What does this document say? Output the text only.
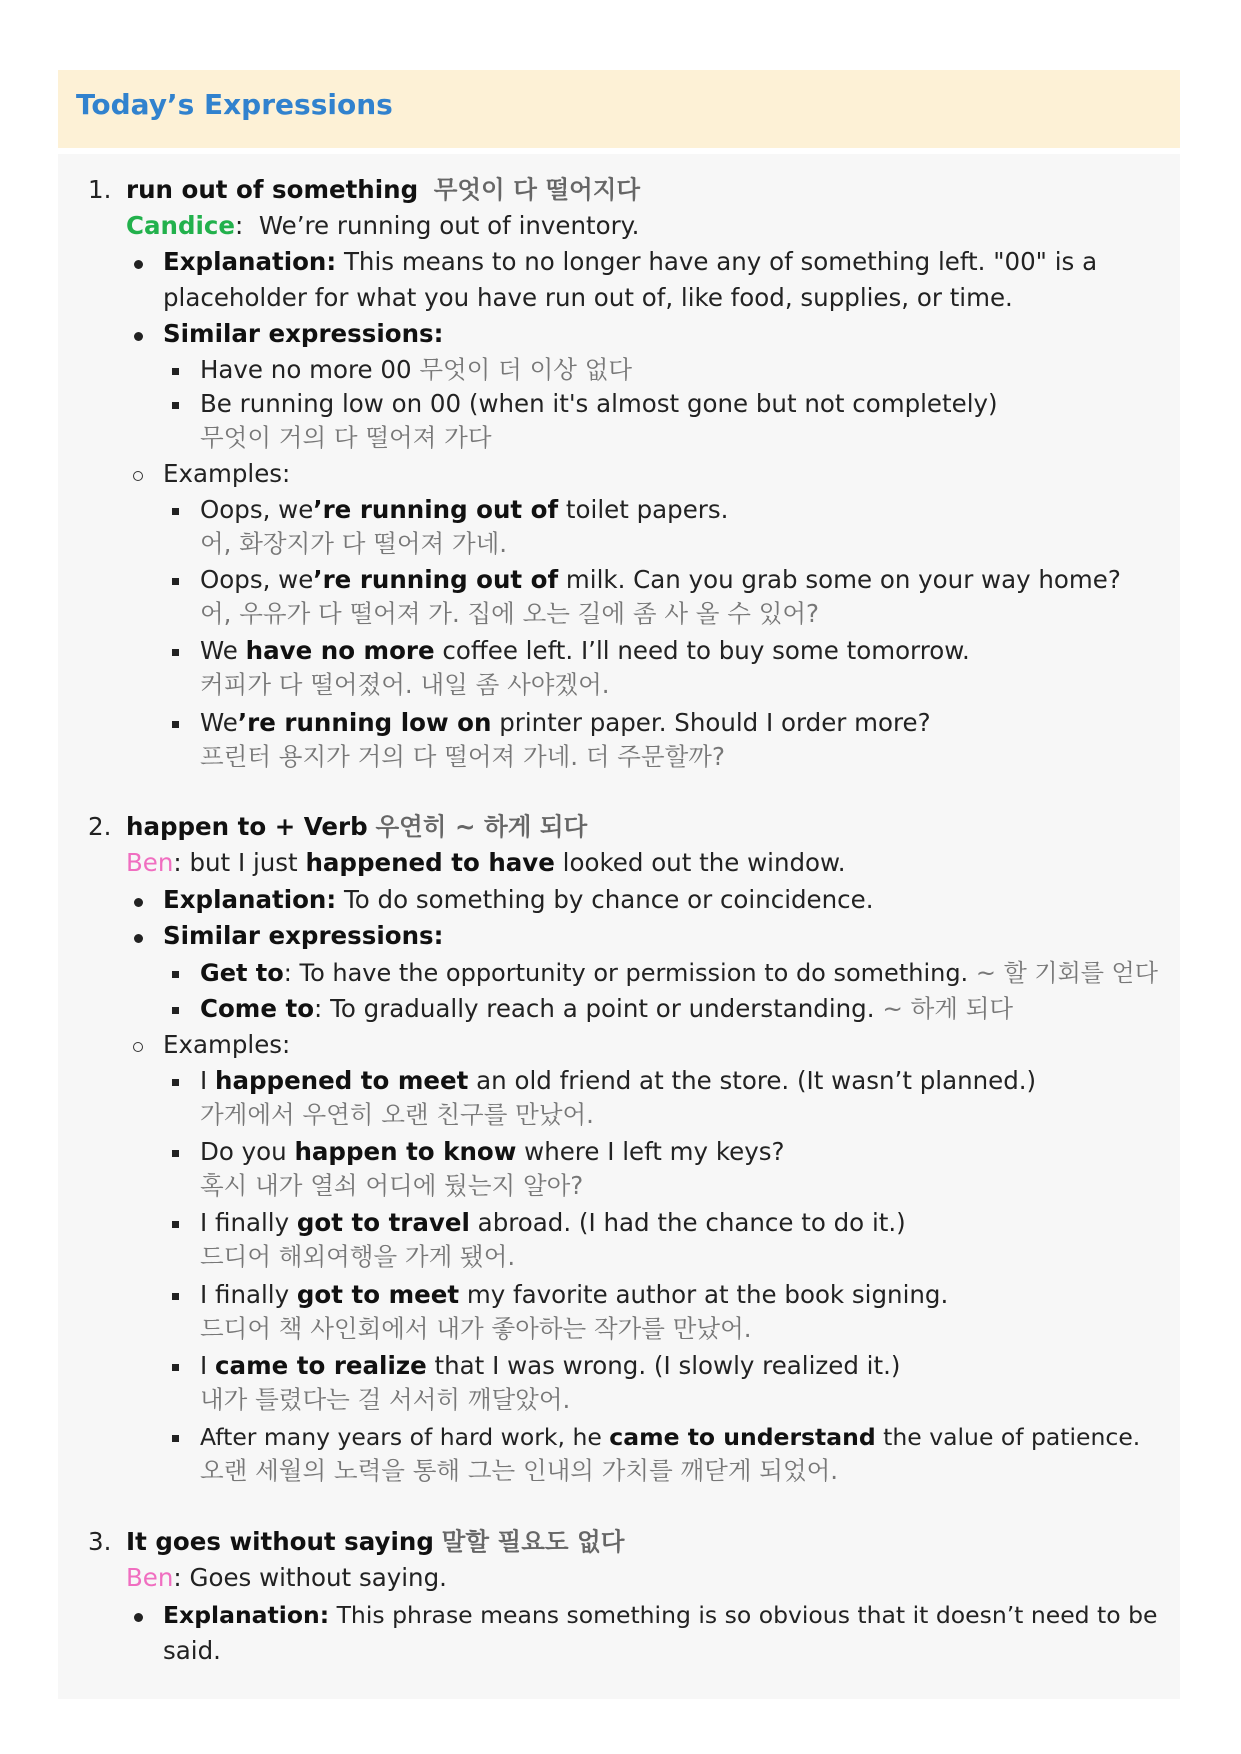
Today’s Expressions
1. run out of something 무엇이 다 떨어지다
Candice:  We’re running out of inventory.
Explanation: This means to no longer have any of something left. "00" is a
placeholder for what you have run out of, like food, supplies, or time.
Similar expressions:
Have no more 00 무엇이 더 이상 없다
Be running low on 00 (when it's almost gone but not completely)
무엇이 거의 다 떨어져 가다
Examples:
Oops, we’re running out of toilet papers.
어, 화장지가 다 떨어져 가네.
Oops, we’re running out of milk. Can you grab some on your way home?
어, 우유가 다 떨어져 가. 집에 오는 길에 좀 사 올 수 있어?
We have no more coffee left. I’ll need to buy some tomorrow.
커피가 다 떨어졌어. 내일 좀 사야겠어.
We’re running low on printer paper. Should I order more?
프린터 용지가 거의 다 떨어져 가네. 더 주문할까?
2. happen to + Verb 우연히 ~ 하게 되다
Ben: but I just happened to have looked out the window.
Explanation: To do something by chance or coincidence.
Similar expressions:
Get to: To have the opportunity or permission to do something. ~ 할 기회를 얻다
Come to: To gradually reach a point or understanding. ~ 하게 되다
Examples:
I happened to meet an old friend at the store. (It wasn’t planned.)
가게에서 우연히 오랜 친구를 만났어.
Do you happen to know where I left my keys?
혹시 내가 열쇠 어디에 뒀는지 알아?
I finally got to travel abroad. (I had the chance to do it.)
드디어 해외여행을 가게 됐어.
I finally got to meet my favorite author at the book signing.
드디어 책 사인회에서 내가 좋아하는 작가를 만났어.
I came to realize that I was wrong. (I slowly realized it.)
내가 틀렸다는 걸 서서히 깨달았어.
After many years of hard work, he came to understand the value of patience.
오랜 세월의 노력을 통해 그는 인내의 가치를 깨닫게 되었어.
3. It goes without saying 말할 필요도 없다
Ben: Goes without saying.
Explanation: This phrase means something is so obvious that it doesn’t need to be
said.
